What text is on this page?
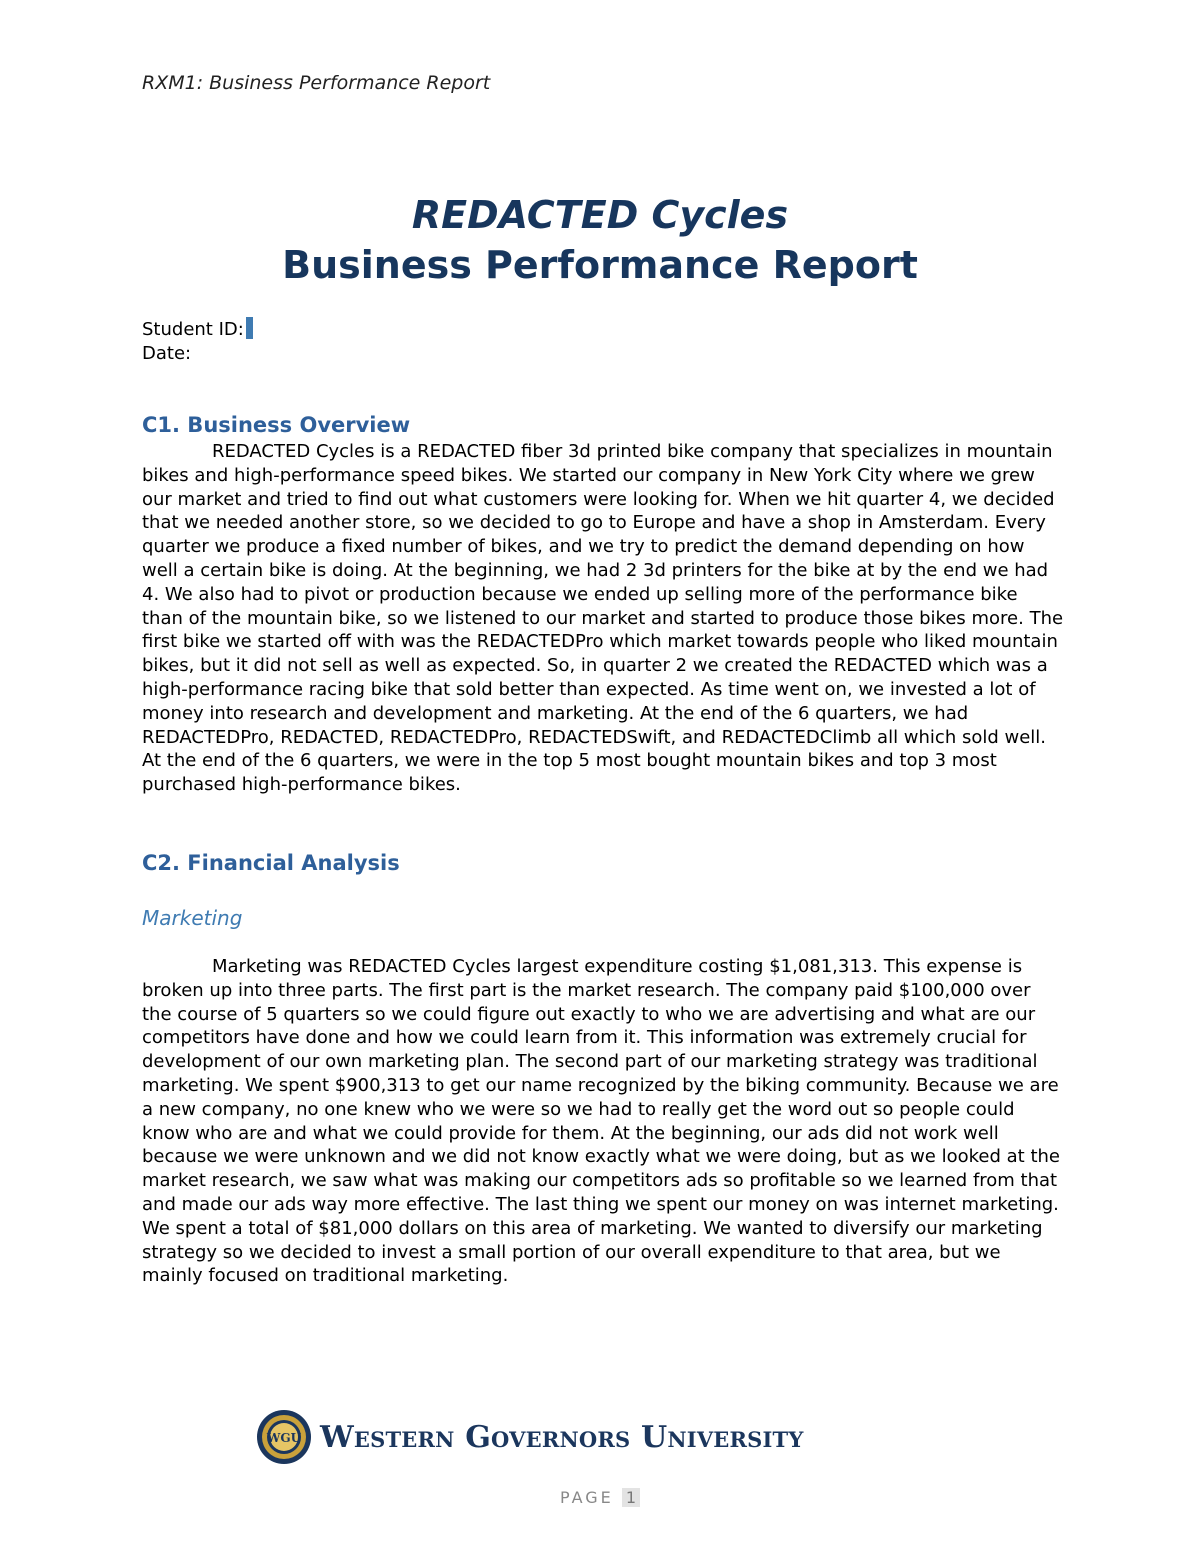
RXM1: Business Performance Report
REDACTED Cycles
Business Performance Report
Student ID:
Date:
C1. Business Overview

REDACTED Cycles is a REDACTED fiber 3d printed bike company that specializes in mountain bikes and high-performance speed bikes. We started our company in New York City where we grew our market and tried to find out what customers were looking for. When we hit quarter 4, we decided that we needed another store, so we decided to go to Europe and have a shop in Amsterdam. Every quarter we produce a fixed number of bikes, and we try to predict the demand depending on how well a certain bike is doing. At the beginning, we had 2 3d printers for the bike at by the end we had 4. We also had to pivot or production because we ended up selling more of the performance bike than of the mountain bike, so we listened to our market and started to produce those bikes more. The first bike we started off with was the REDACTEDPro which market towards people who liked mountain bikes, but it did not sell as well as expected. So, in quarter 2 we created the REDACTED which was a high-performance racing bike that sold better than expected. As time went on, we invested a lot of money into research and development and marketing. At the end of the 6 quarters, we had REDACTEDPro, REDACTED, REDACTEDPro, REDACTEDSwift, and REDACTEDClimb all which sold well. At the end of the 6 quarters, we were in the top 5 most bought mountain bikes and top 3 most purchased high-performance bikes.

C2. Financial Analysis
Marketing

Marketing was REDACTED Cycles largest expenditure costing $1,081,313. This expense is broken up into three parts. The first part is the market research. The company paid $100,000 over the course of 5 quarters so we could figure out exactly to who we are advertising and what are our competitors have done and how we could learn from it. This information was extremely crucial for development of our own marketing plan. The second part of our marketing strategy was traditional marketing. We spent $900,313 to get our name recognized by the biking community. Because we are a new company, no one knew who we were so we had to really get the word out so people could know who are and what we could provide for them. At the beginning, our ads did not work well because we were unknown and we did not know exactly what we were doing, but as we looked at the market research, we saw what was making our competitors ads so profitable so we learned from that and made our ads way more effective. The last thing we spent our money on was internet marketing. We spent a total of $81,000 dollars on this area of marketing. We wanted to diversify our marketing strategy so we decided to invest a small portion of our overall expenditure to that area, but we mainly focused on traditional marketing.

WGU Western Governors University
PAGE 1
